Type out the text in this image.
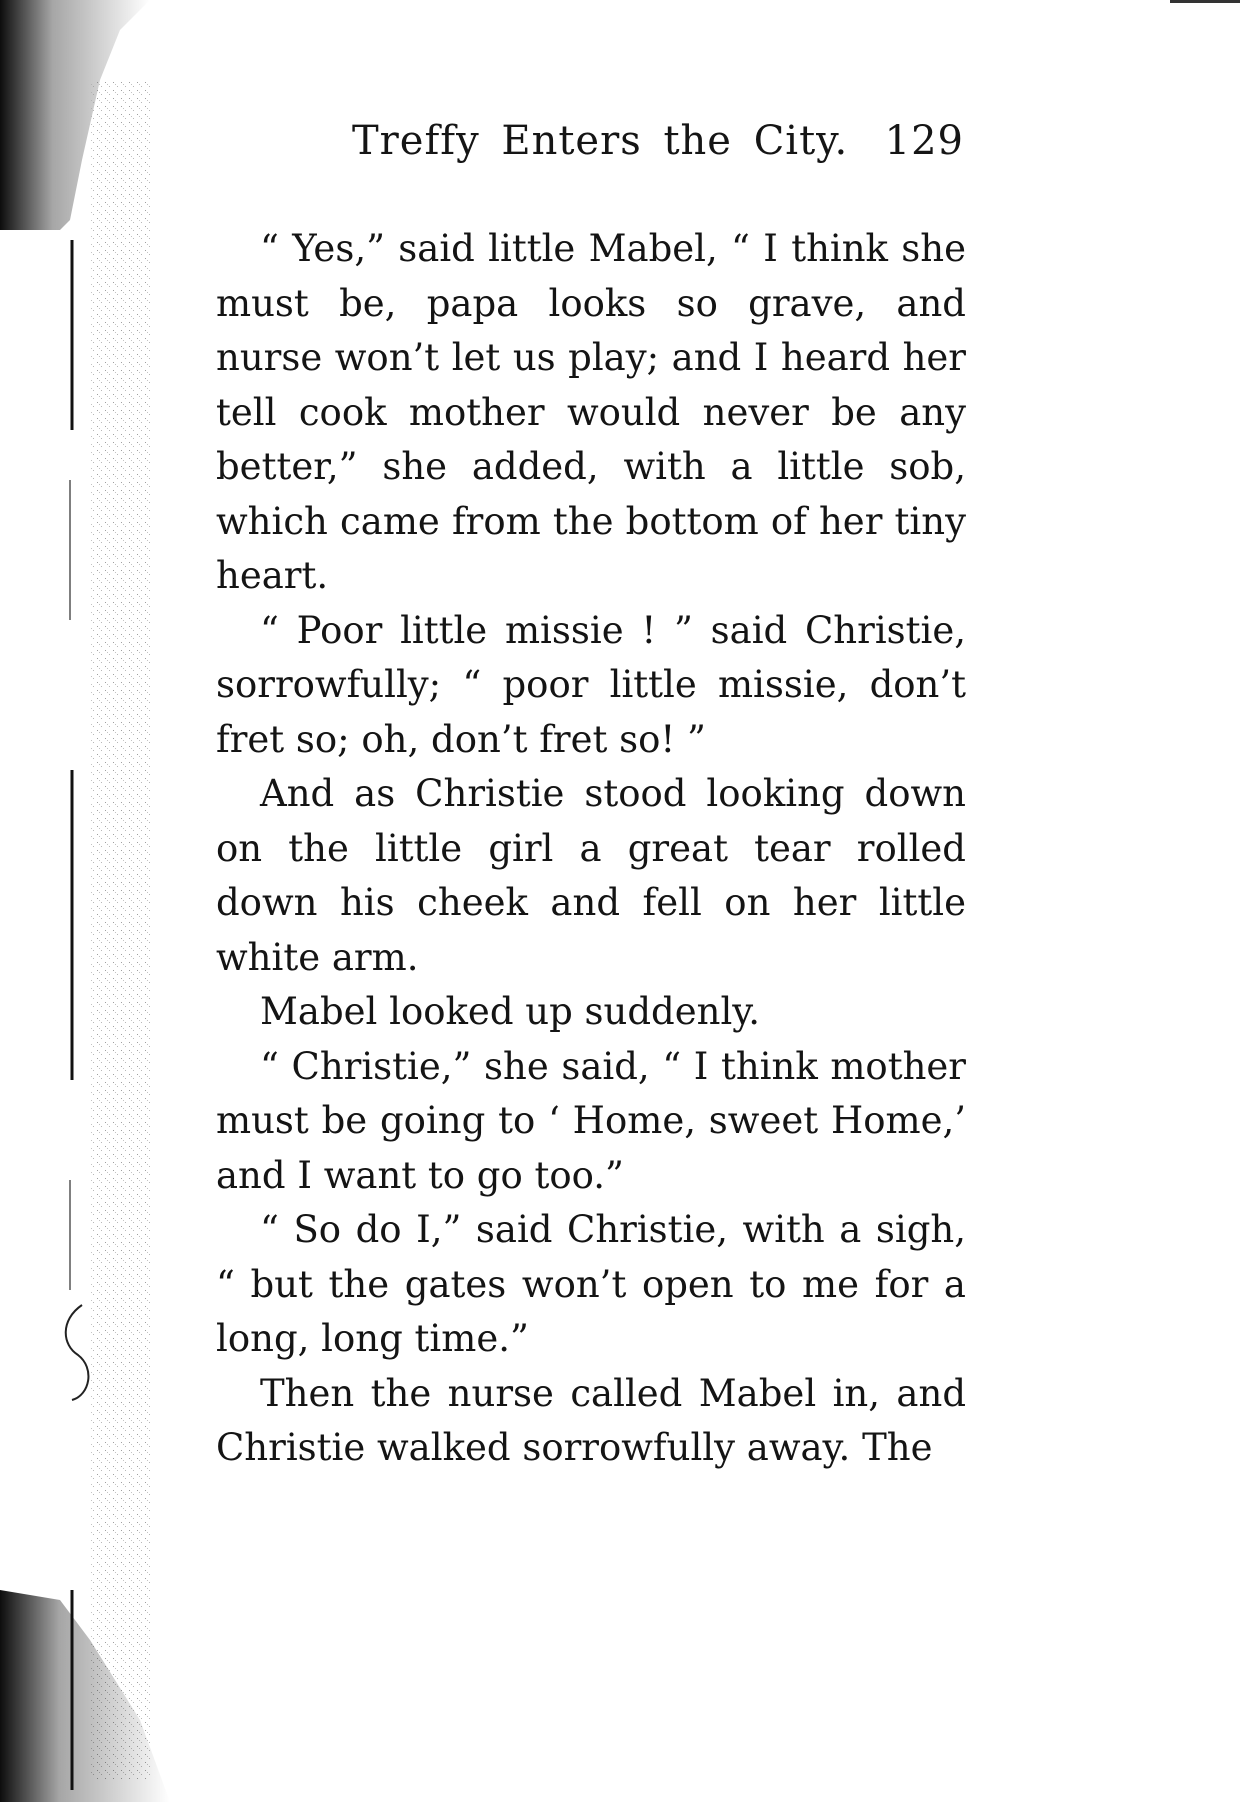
Treffy Enters the City. 129

“ Yes,” said little Mabel, “ I think she must be, papa looks so grave, and nurse won’t let us play; and I heard her tell cook mother would never be any better,” she added, with a little sob, which came from the bottom of her tiny heart.

“ Poor little missie ! ” said Christie, sorrowfully; “ poor little missie, don’t fret so; oh, don’t fret so! ”

And as Christie stood looking down on the little girl a great tear rolled down his cheek and fell on her little white arm.

Mabel looked up suddenly.

“ Christie,” she said, “ I think mother must be going to ‘ Home, sweet Home,’ and I want to go too.”

“ So do I,” said Christie, with a sigh, “ but the gates won’t open to me for a long, long time.”

Then the nurse called Mabel in, and Christie walked sorrowfully away. The
